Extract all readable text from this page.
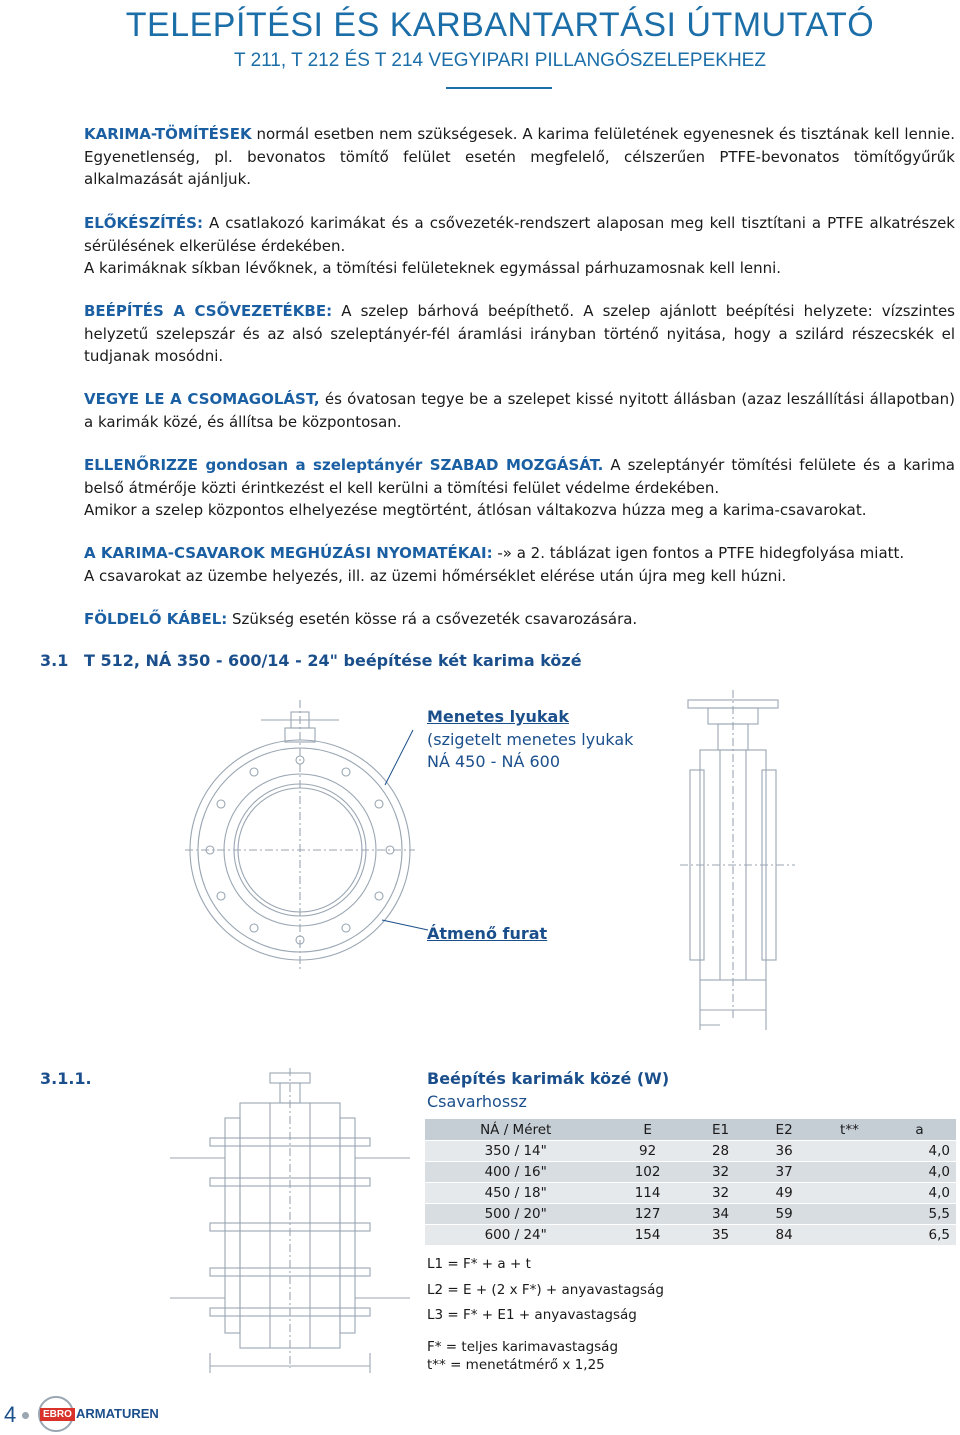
TELEPÍTÉSI ÉS KARBANTARTÁSI ÚTMUTATÓ
T 211, T 212 ÉS T 214 VEGYIPARI PILLANGÓSZELEPEKHEZ

KARIMA-TÖMÍTÉSEK normál esetben nem szükségesek. A karima felületének egyenesnek és tisztának kell lennie. Egyenetlenség, pl. bevonatos tömítő felület esetén megfelelő, célszerűen PTFE-bevonatos tömítőgyűrűk alkalmazását ajánljuk.

ELŐKÉSZÍTÉS: A csatlakozó karimákat és a csővezeték-rendszert alaposan meg kell tisztítani a PTFE alkatrészek sérülésének elkerülése érdekében.
A karimáknak síkban lévőknek, a tömítési felületeknek egymással párhuzamosnak kell lenni.

BEÉPÍTÉS A CSŐVEZETÉKBE: A szelep bárhová beépíthető. A szelep ajánlott beépítési helyzete: vízszintes helyzetű szelepszár és az alsó szeleptányér-fél áramlási irányban történő nyitása, hogy a szilárd részecskék el tudjanak mosódni.

VEGYE LE A CSOMAGOLÁST, és óvatosan tegye be a szelepet kissé nyitott állásban (azaz leszállítási állapotban) a karimák közé, és állítsa be központosan.

ELLENŐRIZZE gondosan a szeleptányér SZABAD MOZGÁSÁT. A szeleptányér tömítési felülete és a karima belső átmérője közti érintkezést el kell kerülni a tömítési felület védelme érdekében.
Amikor a szelep központos elhelyezése megtörtént, átlósan váltakozva húzza meg a karima-csavarokat.

A KARIMA-CSAVAROK MEGHÚZÁSI NYOMATÉKAI: -» a 2. táblázat igen fontos a PTFE hidegfolyása miatt.
A csavarokat az üzembe helyezés, ill. az üzemi hőmérséklet elérése után újra meg kell húzni.

FÖLDELŐ KÁBEL: Szükség esetén kösse rá a csővezeték csavarozására.

3.1 T 512, NÁ 350 - 600/14 - 24" beépítése két karima közé
Menetes lyukak
(szigetelt menetes lyukak
NÁ 450 - NÁ 600
Átmenő furat
3.1.1.	Beépítés karimák közé (W)
Csavarhossz
NÁ / Méret	E	E1	E2	t**	a
350 / 14"	92	28	36		4,0
400 / 16"	102	32	37		4,0
450 / 18"	114	32	49		4,0
500 / 20"	127	34	59		5,5
600 / 24"	154	35	84		6,5
L1 = F* + a + t
L2 = E + (2 x F*) + anyavastagság
L3 = F* + E1 + anyavastagság
F* = teljes karimavastagság
t** = menetátmérő x 1,25
4	EBRO ARMATUREN
